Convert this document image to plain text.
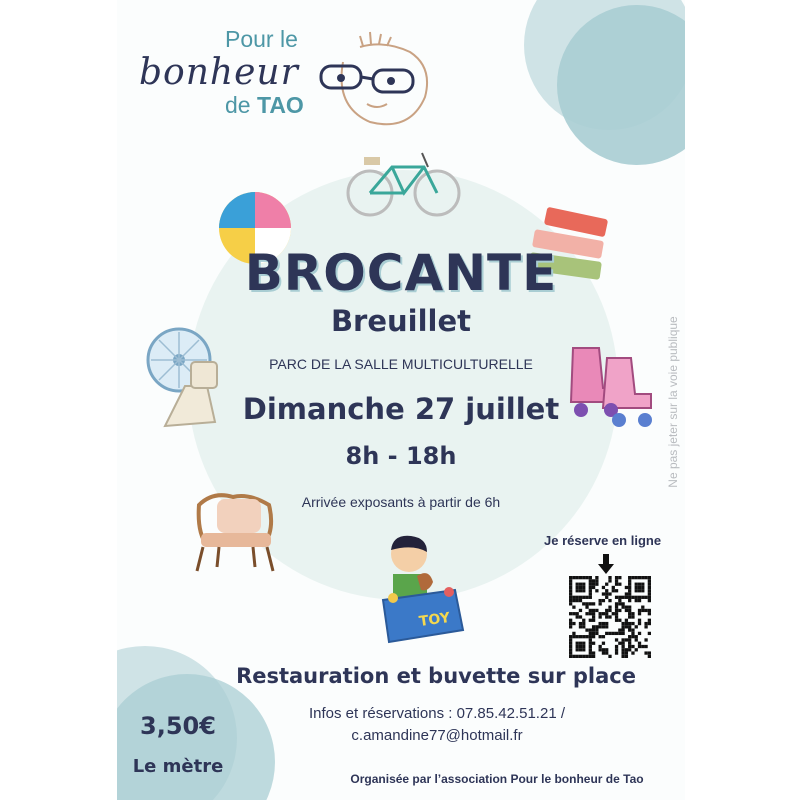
Pour le
bonheur
de TAO
BROCANTE
Breuillet
PARC DE LA SALLE MULTICULTURELLE
Dimanche 27 juillet
8h - 18h
Arrivée exposants à partir de 6h
TOY
Je réserve en ligne
Ne pas jeter sur la voie publique
Restauration et buvette sur place
Infos et réservations : 07.85.42.51.21 /
c.amandine77@hotmail.fr
3,50€
Le mètre
Organisée par l’association Pour le bonheur de Tao
